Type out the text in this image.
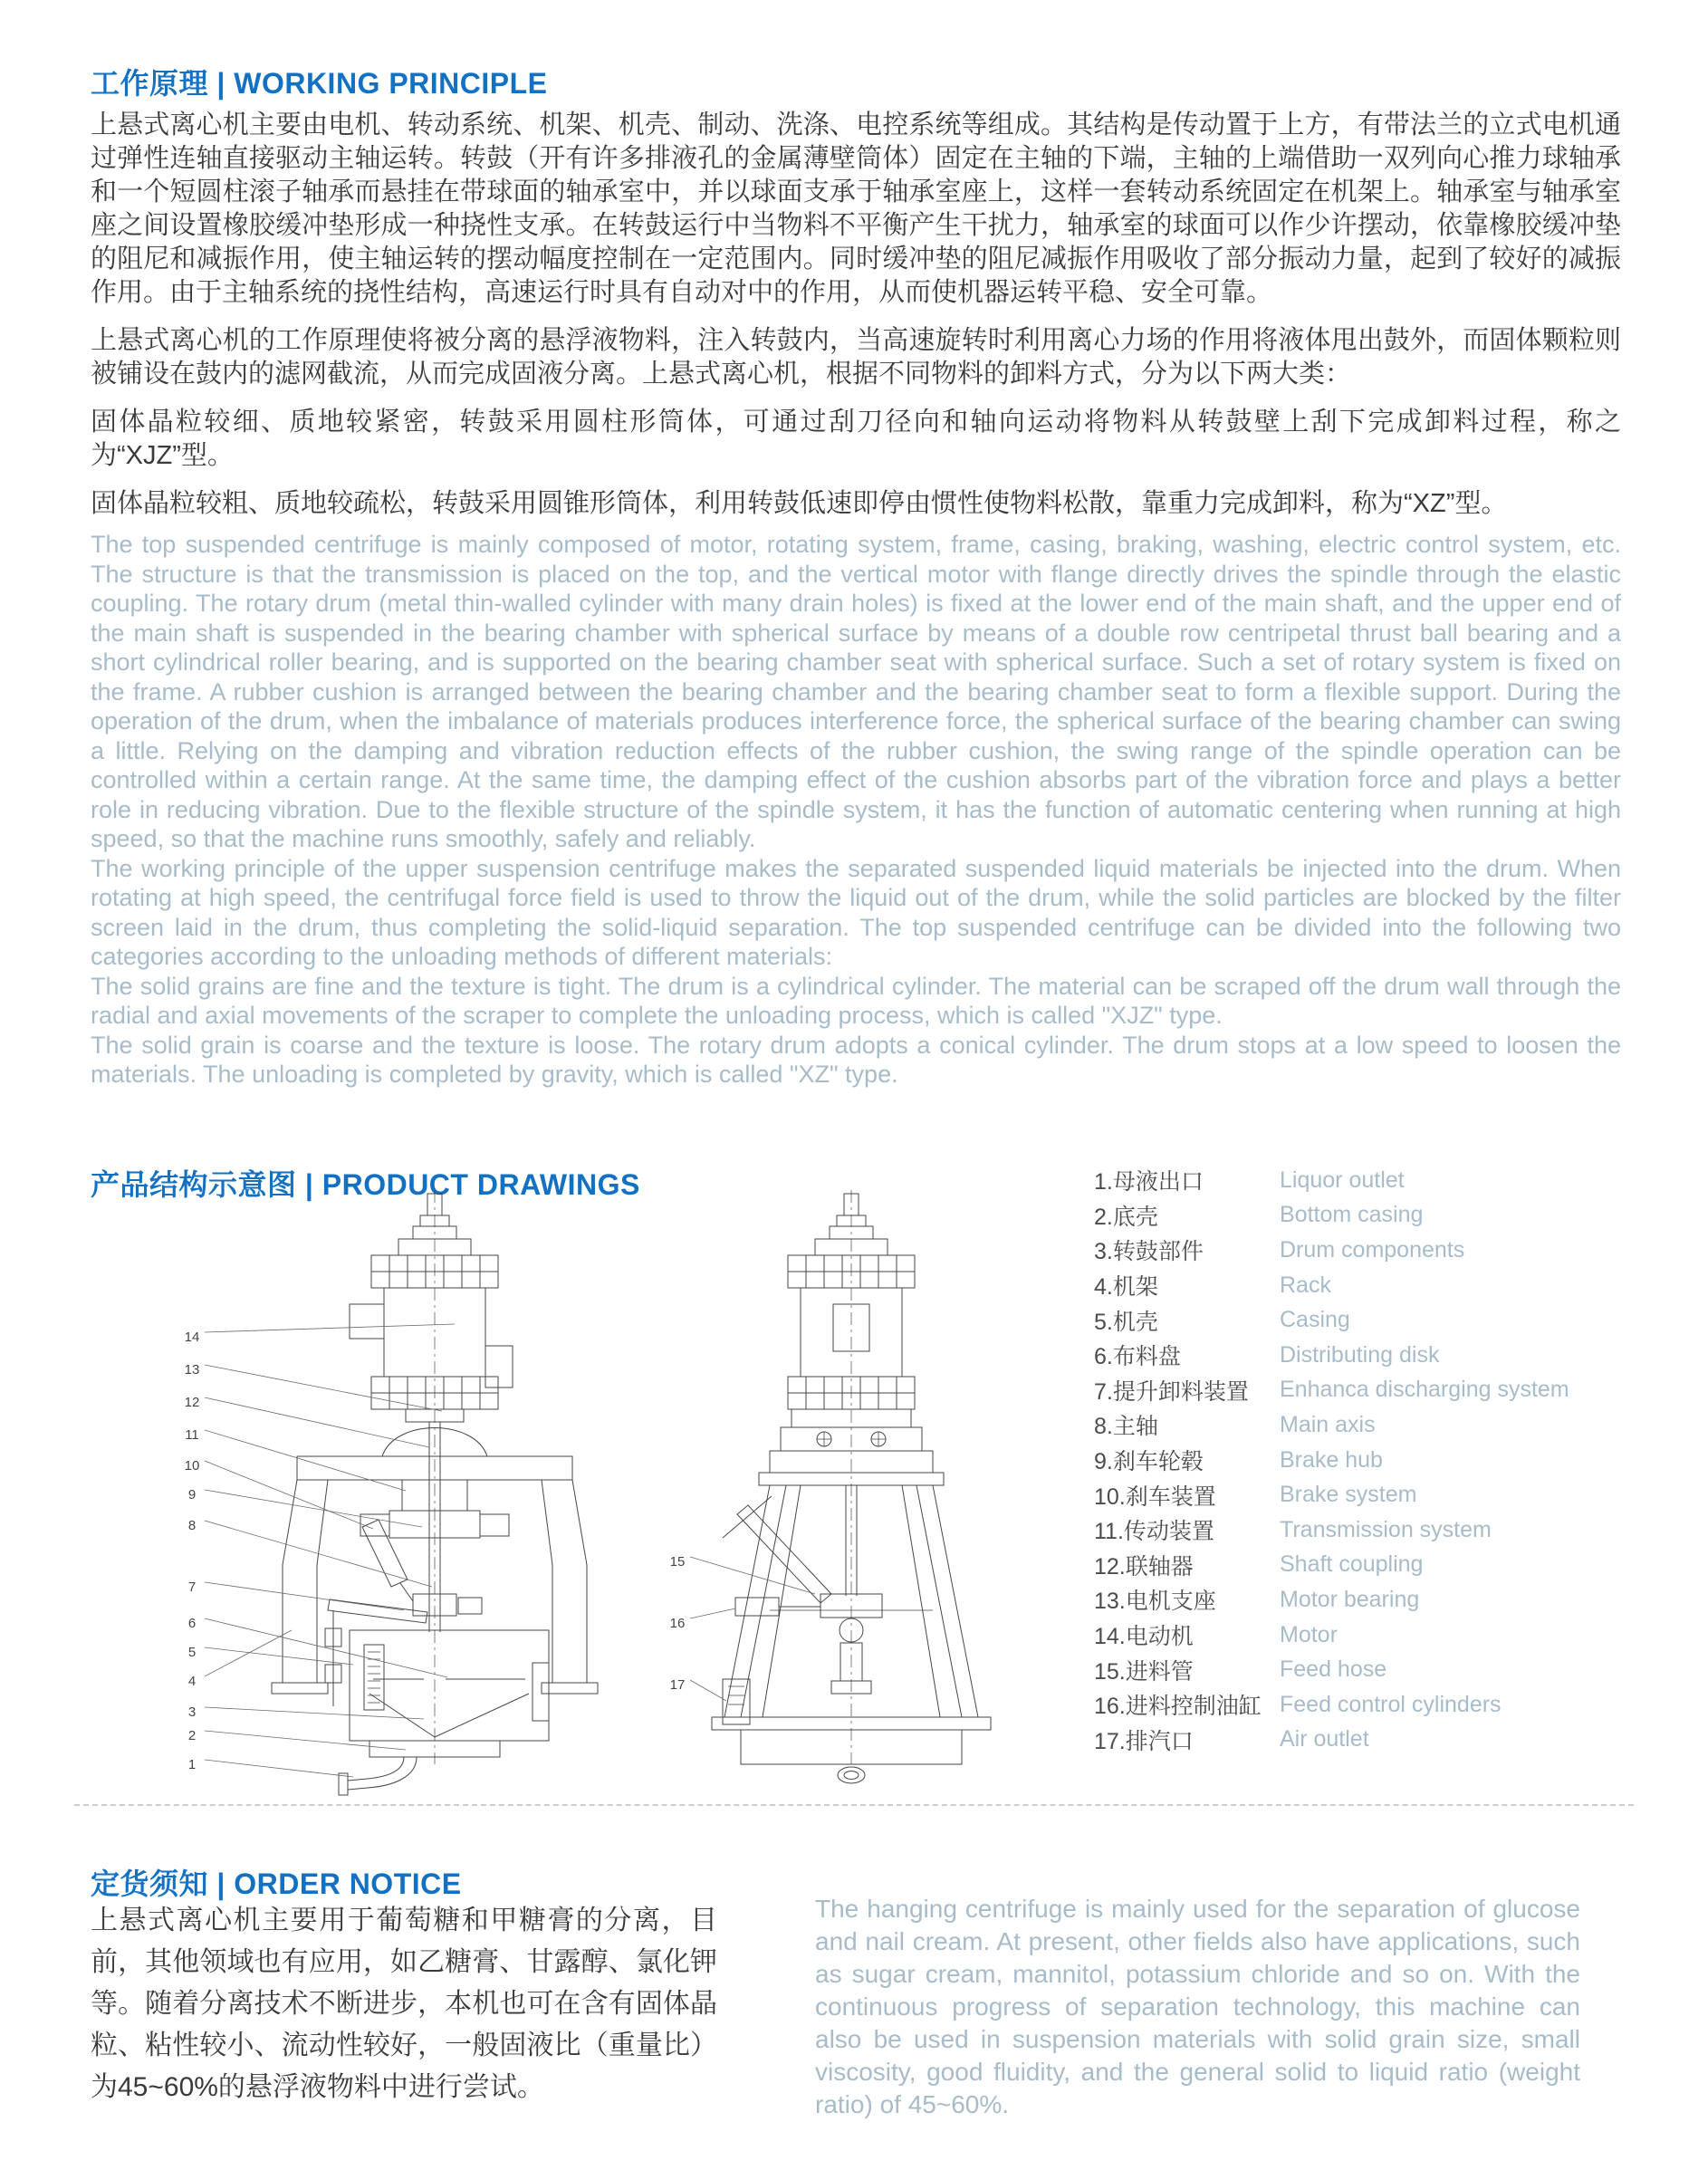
工作原理 | WORKING PRINCIPLE

上悬式离心机主要由电机、转动系统、机架、机壳、制动、洗涤、电控系统等组成。其结构是传动置于上方，有带法兰的立式电机通过弹性连轴直接驱动主轴运转。转鼓（开有许多排液孔的金属薄壁筒体）固定在主轴的下端，主轴的上端借助一双列向心推力球轴承和一个短圆柱滚子轴承而悬挂在带球面的轴承室中，并以球面支承于轴承室座上，这样一套转动系统固定在机架上。轴承室与轴承室座之间设置橡胶缓冲垫形成一种挠性支承。在转鼓运行中当物料不平衡产生干扰力，轴承室的球面可以作少许摆动，依靠橡胶缓冲垫的阻尼和减振作用，使主轴运转的摆动幅度控制在一定范围内。同时缓冲垫的阻尼减振作用吸收了部分振动力量，起到了较好的减振作用。由于主轴系统的挠性结构，高速运行时具有自动对中的作用，从而使机器运转平稳、安全可靠。

上悬式离心机的工作原理使将被分离的悬浮液物料，注入转鼓内，当高速旋转时利用离心力场的作用将液体甩出鼓外，而固体颗粒则被铺设在鼓内的滤网截流，从而完成固液分离。上悬式离心机，根据不同物料的卸料方式，分为以下两大类：

固体晶粒较细、质地较紧密，转鼓采用圆柱形筒体，可通过刮刀径向和轴向运动将物料从转鼓壁上刮下完成卸料过程，称之为“XJZ”型。

固体晶粒较粗、质地较疏松，转鼓采用圆锥形筒体，利用转鼓低速即停由惯性使物料松散，靠重力完成卸料，称为“XZ”型。

The top suspended centrifuge is mainly composed of motor, rotating system, frame, casing, braking, washing, electric control system, etc. The structure is that the transmission is placed on the top, and the vertical motor with flange directly drives the spindle through the elastic coupling. The rotary drum (metal thin-walled cylinder with many drain holes) is fixed at the lower end of the main shaft, and the upper end of the main shaft is suspended in the bearing chamber with spherical surface by means of a double row centripetal thrust ball bearing and a short cylindrical roller bearing, and is supported on the bearing chamber seat with spherical surface. Such a set of rotary system is fixed on the frame. A rubber cushion is arranged between the bearing chamber and the bearing chamber seat to form a flexible support. During the operation of the drum, when the imbalance of materials produces interference force, the spherical surface of the bearing chamber can swing a little. Relying on the damping and vibration reduction effects of the rubber cushion, the swing range of the spindle operation can be controlled within a certain range. At the same time, the damping effect of the cushion absorbs part of the vibration force and plays a better role in reducing vibration. Due to the flexible structure of the spindle system, it has the function of automatic centering when running at high speed, so that the machine runs smoothly, safely and reliably.

The working principle of the upper suspension centrifuge makes the separated suspended liquid materials be injected into the drum. When rotating at high speed, the centrifugal force field is used to throw the liquid out of the drum, while the solid particles are blocked by the filter screen laid in the drum, thus completing the solid-liquid separation. The top suspended centrifuge can be divided into the following two categories according to the unloading methods of different materials:

The solid grains are fine and the texture is tight. The drum is a cylindrical cylinder. The material can be scraped off the drum wall through the radial and axial movements of the scraper to complete the unloading process, which is called "XJZ" type.

The solid grain is coarse and the texture is loose. The rotary drum adopts a conical cylinder. The drum stops at a low speed to loosen the materials. The unloading is completed by gravity, which is called "XZ" type.

产品结构示意图 | PRODUCT DRAWINGS
14
13
12
11
10
9
8
7
6
5
4
3
2
1
15
16
17
1.母液出口	Liquor outlet
2.底壳	Bottom casing
3.转鼓部件	Drum components
4.机架	Rack
5.机壳	Casing
6.布料盘	Distributing disk
7.提升卸料装置	Enhanca discharging system
8.主轴	Main axis
9.刹车轮毂	Brake hub
10.刹车装置	Brake system
11.传动装置	Transmission system
12.联轴器	Shaft coupling
13.电机支座	Motor bearing
14.电动机	Motor
15.进料管	Feed hose
16.进料控制油缸 Feed control cylinders
17.排汽口	Air outlet
定货须知 | ORDER NOTICE
上悬式离心机主要用于葡萄糖和甲糖膏的分离，目前，其他领域也有应用，如乙糖膏、甘露醇、氯化钾等。随着分离技术不断进步，本机也可在含有固体晶粒、粘性较小、流动性较好，一般固液比（重量比）为45~60%的悬浮液物料中进行尝试。
The hanging centrifuge is mainly used for the separation of glucose and nail cream. At present, other fields also have applications, such as sugar cream, mannitol, potassium chloride and so on. With the continuous progress of separation technology, this machine can also be used in suspension materials with solid grain size, small viscosity, good fluidity, and the general solid to liquid ratio (weight ratio) of 45~60%.
